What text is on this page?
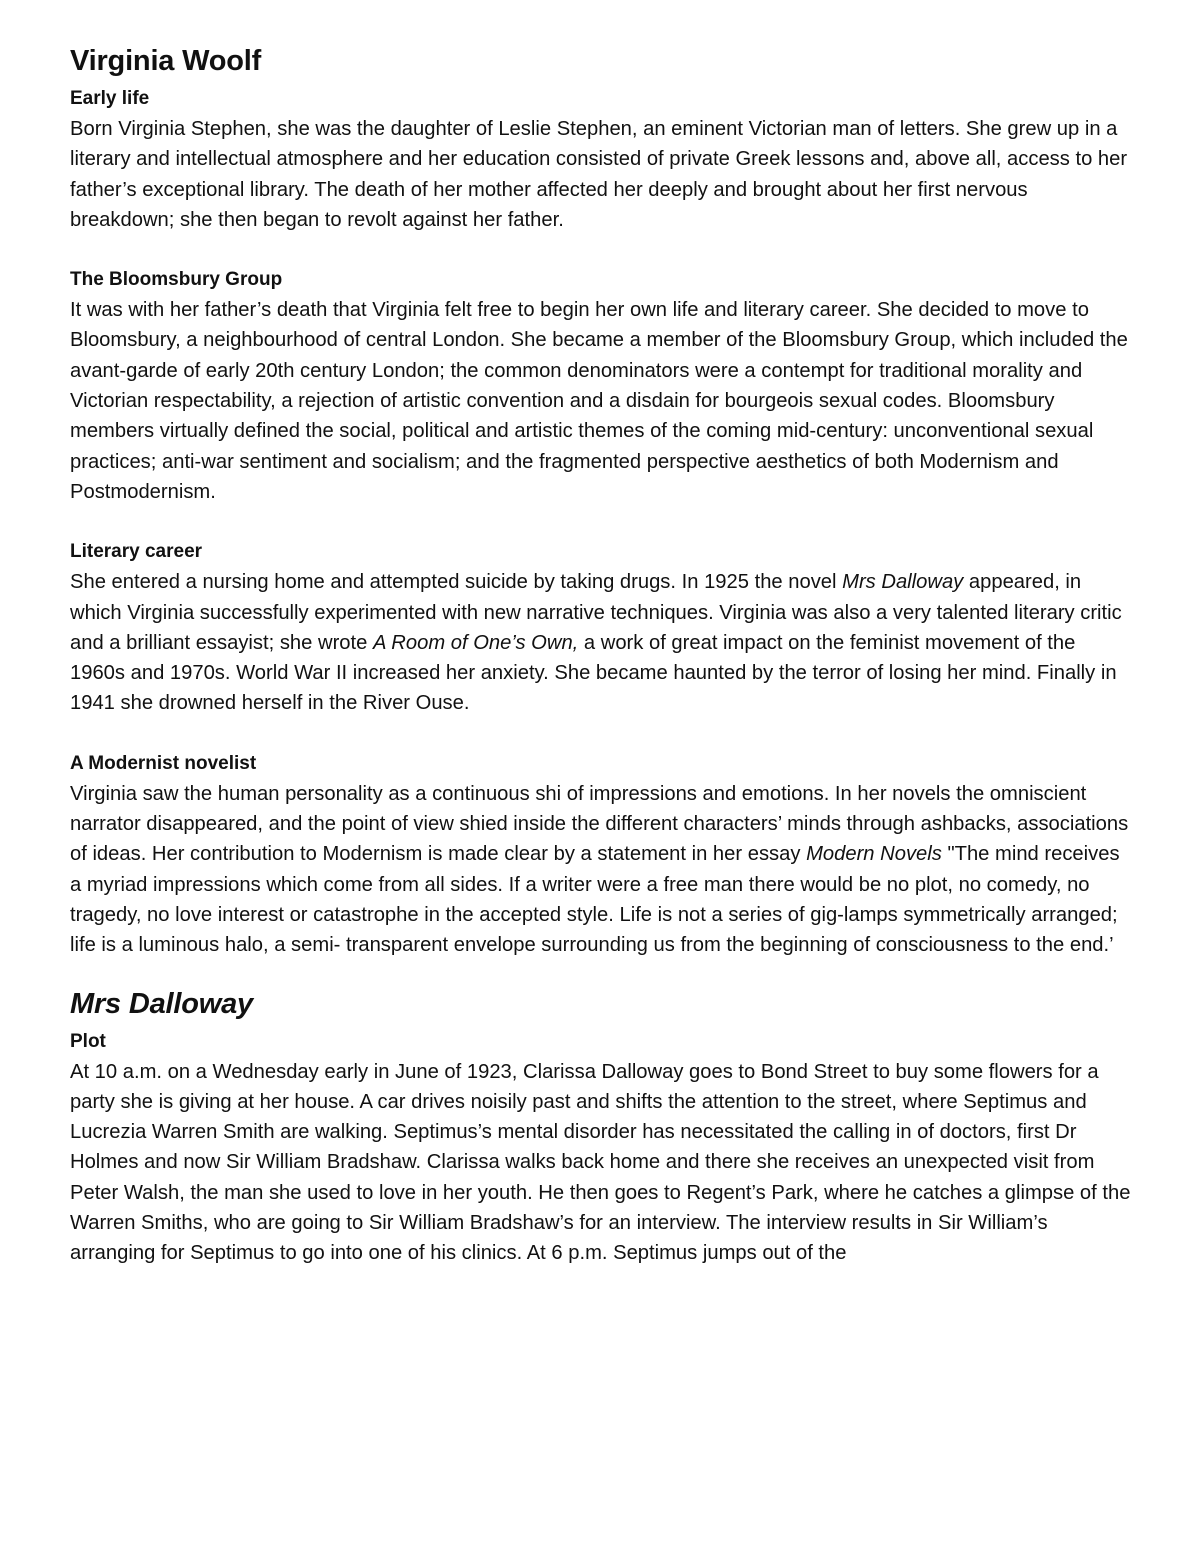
Virginia Woolf
Early life

Born Virginia Stephen, she was the daughter of Leslie Stephen, an eminent Victorian man of letters. She grew up in a literary and intellectual atmosphere and her education consisted of private Greek lessons and, above all, access to her father’s exceptional library. The death of her mother affected her deeply and brought about her first nervous breakdown; she then began to revolt against her father.

The Bloomsbury Group

It was with her father’s death that Virginia felt free to begin her own life and literary career. She decided to move to Bloomsbury, a neighbourhood of central London. She became a member of the Bloomsbury Group, which included the avant-garde of early 20th century London; the common denominators were a contempt for traditional morality and Victorian respectability, a rejection of artistic convention and a disdain for bourgeois sexual codes. Bloomsbury members virtually defined the social, political and artistic themes of the coming mid-century: unconventional sexual practices; anti-war sentiment and socialism; and the fragmented perspective aesthetics of both Modernism and Postmodernism.

Literary career

She entered a nursing home and attempted suicide by taking drugs. In 1925 the novel Mrs Dalloway appeared, in which Virginia successfully experimented with new narrative techniques. Virginia was also a very talented literary critic and a brilliant essayist; she wrote A Room of One’s Own, a work of great impact on the feminist movement of the 1960s and 1970s. World War II increased her anxiety. She became haunted by the terror of losing her mind. Finally in 1941 she drowned herself in the River Ouse.

A Modernist novelist

Virginia saw the human personality as a continuous shi of impressions and emotions. In her novels the omniscient narrator disappeared, and the point of view shied inside the different characters’ minds through ashbacks, associations of ideas. Her contribution to Modernism is made clear by a statement in her essay Modern Novels "The mind receives a myriad impressions which come from all sides. If a writer were a free man there would be no plot, no comedy, no tragedy, no love interest or catastrophe in the accepted style. Life is not a series of gig-lamps symmetrically arranged; life is a luminous halo, a semi- transparent envelope surrounding us from the beginning of consciousness to the end.’

Mrs Dalloway
Plot

At 10 a.m. on a Wednesday early in June of 1923, Clarissa Dalloway goes to Bond Street to buy some flowers for a party she is giving at her house. A car drives noisily past and shifts the attention to the street, where Septimus and Lucrezia Warren Smith are walking. Septimus’s mental disorder has necessitated the calling in of doctors, first Dr Holmes and now Sir William Bradshaw. Clarissa walks back home and there she receives an unexpected visit from Peter Walsh, the man she used to love in her youth. He then goes to Regent’s Park, where he catches a glimpse of the Warren Smiths, who are going to Sir William Bradshaw’s for an interview. The interview results in Sir William’s arranging for Septimus to go into one of his clinics. At 6 p.m. Septimus jumps out of the
